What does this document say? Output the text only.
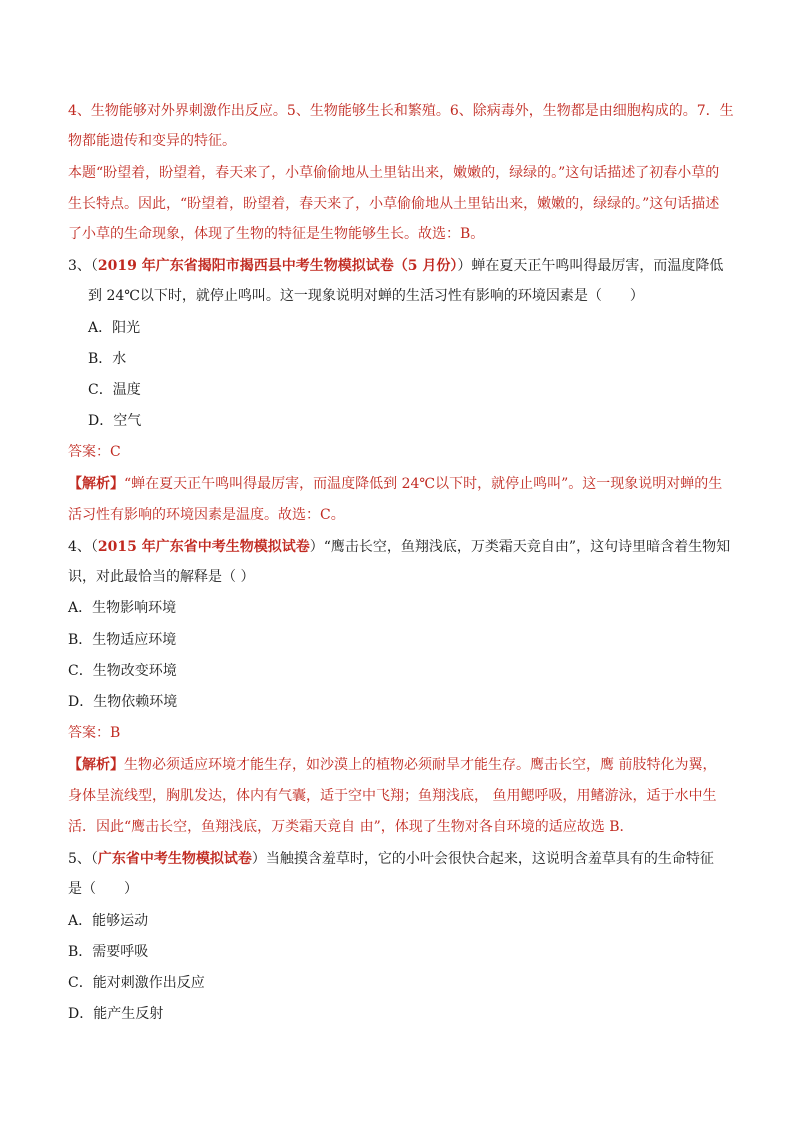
4、生物能够对外界刺激作出反应。5、生物能够生长和繁殖。6、除病毒外，生物都是由细胞构成的。7．生
物都能遗传和变异的特征。
本题“盼望着，盼望着，春天来了，小草偷偷地从土里钻出来，嫩嫩的，绿绿的。”这句话描述了初春小草的
生长特点。因此，“盼望着，盼望着，春天来了，小草偷偷地从土里钻出来，嫩嫩的，绿绿的。”这句话描述
了小草的生命现象，体现了生物的特征是生物能够生长。故选：B。
3、（2019 年广东省揭阳市揭西县中考生物模拟试卷（5 月份））蝉在夏天正午鸣叫得最厉害，而温度降低
到 24℃以下时，就停止鸣叫。这一现象说明对蝉的生活习性有影响的环境因素是（　　）
A．阳光
B．水
C．温度
D．空气
答案：C
【解析】“蝉在夏天正午鸣叫得最厉害，而温度降低到 24℃以下时，就停止鸣叫”。这一现象说明对蝉的生
活习性有影响的环境因素是温度。故选：C。
4、（2015 年广东省中考生物模拟试卷）“鹰击长空，鱼翔浅底，万类霜天竞自由”，这句诗里暗含着生物知
识，对此最恰当的解释是（ ）
A．生物影响环境
B．生物适应环境
C．生物改变环境
D．生物依赖环境
答案：B
【解析】生物必须适应环境才能生存，如沙漠上的植物必须耐旱才能生存。鹰击长空，鹰 前肢特化为翼，
身体呈流线型，胸肌发达，体内有气囊，适于空中飞翔；鱼翔浅底， 鱼用鳃呼吸，用鳍游泳，适于水中生
活．因此“鹰击长空，鱼翔浅底，万类霜天竟自 由”，体现了生物对各自环境的适应故选 B．
5、（广东省中考生物模拟试卷）当触摸含羞草时，它的小叶会很快合起来，这说明含羞草具有的生命特征
是（　　）
A．能够运动
B．需要呼吸
C．能对刺激作出反应
D．能产生反射
